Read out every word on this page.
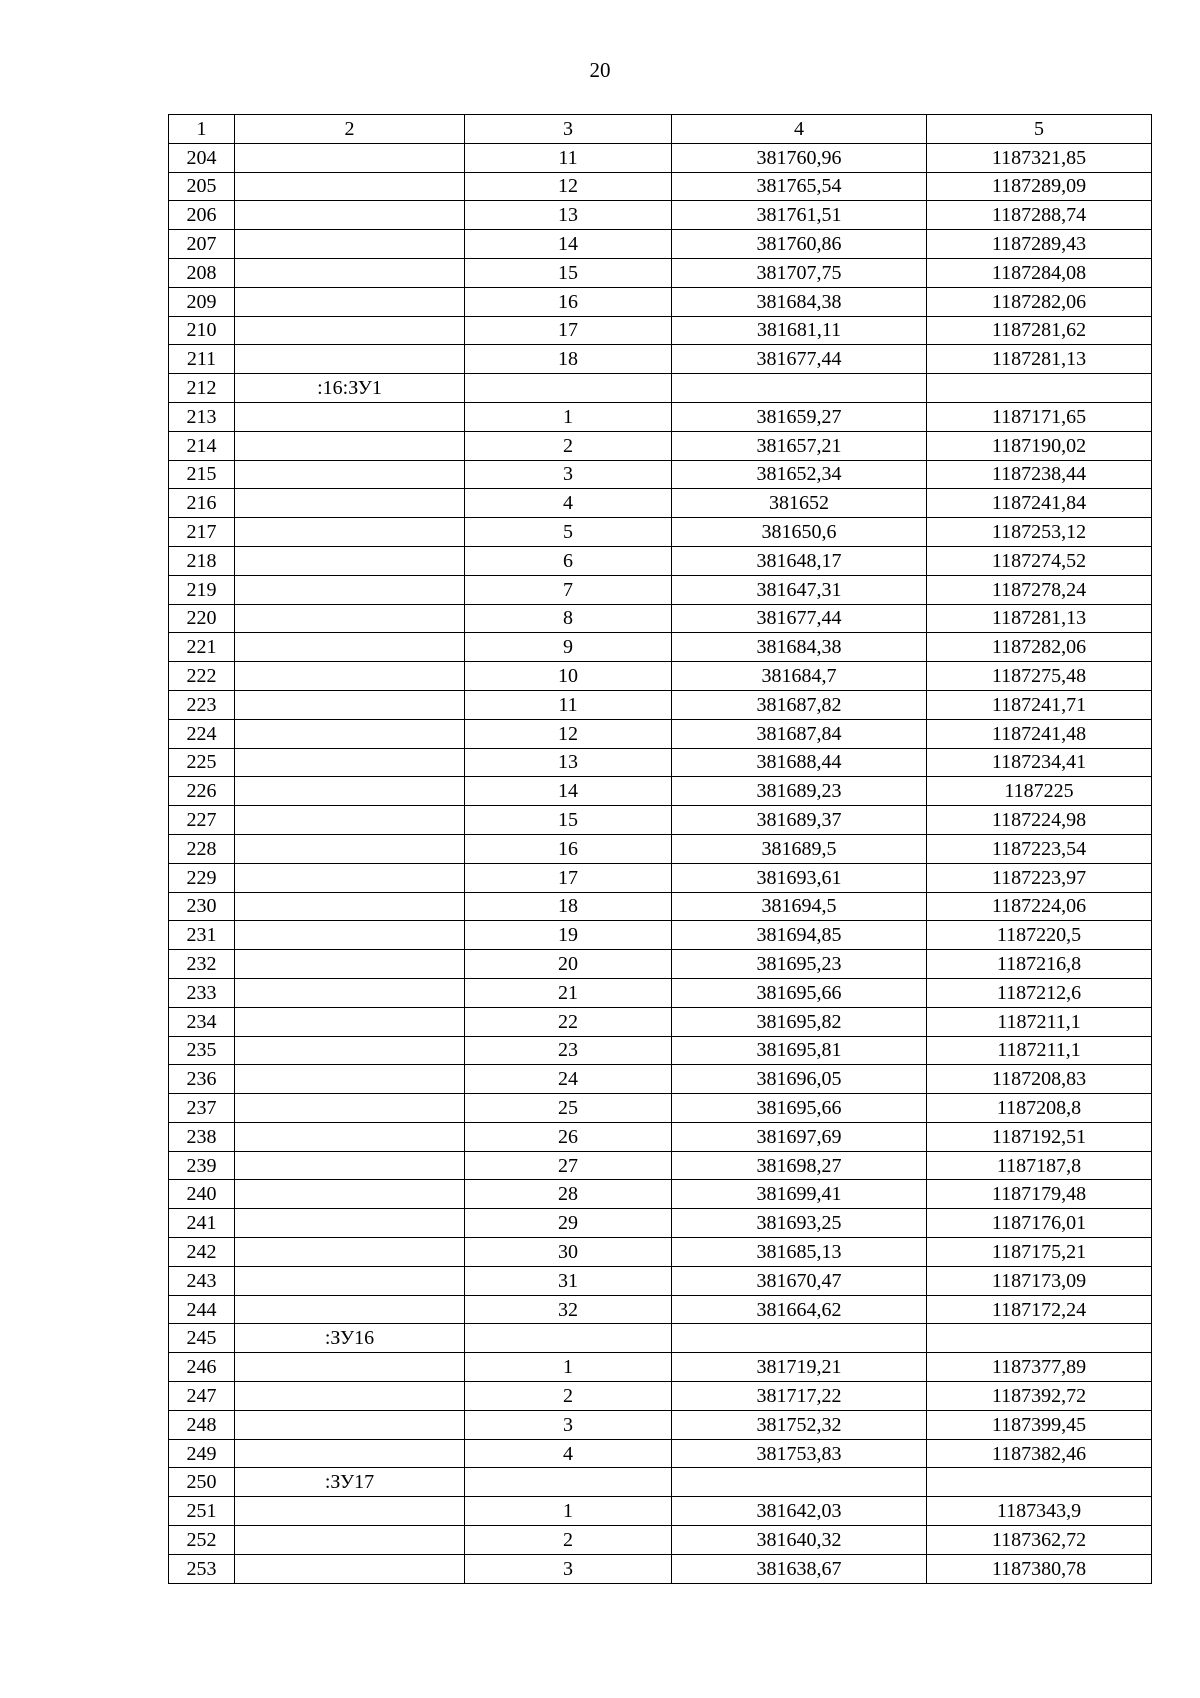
20
1	2	3	4	5
204		11	381760,96	1187321,85
205		12	381765,54	1187289,09
206		13	381761,51	1187288,74
207		14	381760,86	1187289,43
208		15	381707,75	1187284,08
209		16	381684,38	1187282,06
210		17	381681,11	1187281,62
211		18	381677,44	1187281,13
212	:16:ЗУ1			
213		1	381659,27	1187171,65
214		2	381657,21	1187190,02
215		3	381652,34	1187238,44
216		4	381652	1187241,84
217		5	381650,6	1187253,12
218		6	381648,17	1187274,52
219		7	381647,31	1187278,24
220		8	381677,44	1187281,13
221		9	381684,38	1187282,06
222		10	381684,7	1187275,48
223		11	381687,82	1187241,71
224		12	381687,84	1187241,48
225		13	381688,44	1187234,41
226		14	381689,23	1187225
227		15	381689,37	1187224,98
228		16	381689,5	1187223,54
229		17	381693,61	1187223,97
230		18	381694,5	1187224,06
231		19	381694,85	1187220,5
232		20	381695,23	1187216,8
233		21	381695,66	1187212,6
234		22	381695,82	1187211,1
235		23	381695,81	1187211,1
236		24	381696,05	1187208,83
237		25	381695,66	1187208,8
238		26	381697,69	1187192,51
239		27	381698,27	1187187,8
240		28	381699,41	1187179,48
241		29	381693,25	1187176,01
242		30	381685,13	1187175,21
243		31	381670,47	1187173,09
244		32	381664,62	1187172,24
245	:ЗУ16			
246		1	381719,21	1187377,89
247		2	381717,22	1187392,72
248		3	381752,32	1187399,45
249		4	381753,83	1187382,46
250	:ЗУ17			
251		1	381642,03	1187343,9
252		2	381640,32	1187362,72
253		3	381638,67	1187380,78
